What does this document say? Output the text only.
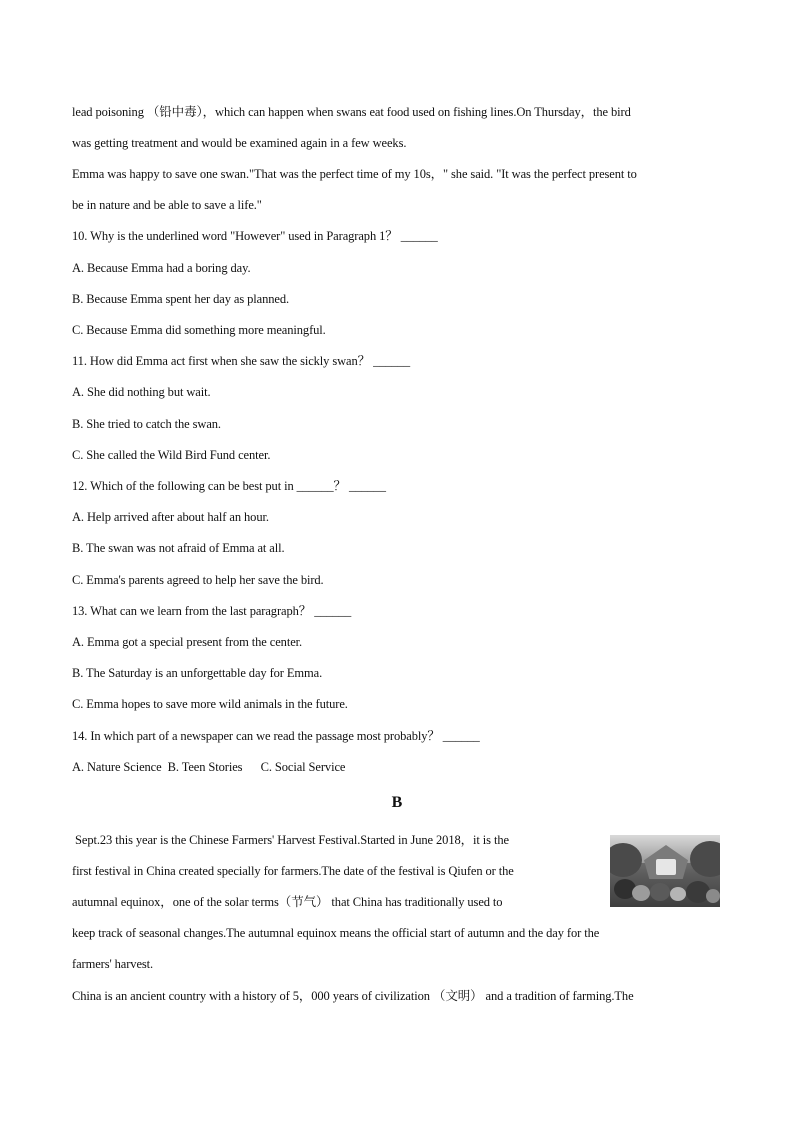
lead poisoning （铅中毒），which can happen when swans eat food used on fishing lines.On Thursday，the bird
was getting treatment and would be examined again in a few weeks.
Emma was happy to save one swan."That was the perfect time of my 10s，" she said. "It was the perfect present to
be in nature and be able to save a life."
10. Why is the underlined word "However" used in Paragraph 1？ ______
A. Because Emma had a boring day.
B. Because Emma spent her day as planned.
C. Because Emma did something more meaningful.
11. How did Emma act first when she saw the sickly swan？ ______
A. She did nothing but wait.
B. She tried to catch the swan.
C. She called the Wild Bird Fund center.
12. Which of the following can be best put in ______？ ______
A. Help arrived after about half an hour.
B. The swan was not afraid of Emma at all.
C. Emma's parents agreed to help her save the bird.
13. What can we learn from the last paragraph？ ______
A. Emma got a special present from the center.
B. The Saturday is an unforgettable day for Emma.
C. Emma hopes to save more wild animals in the future.
14. In which part of a newspaper can we read the passage most probably？ ______
A. Nature Science  B. Teen Stories      C. Social Service
B
Sept.23 this year is the Chinese Farmers' Harvest Festival.Started in June 2018，it is the
first festival in China created specially for farmers.The date of the festival is Qiufen or the
autumnal equinox，one of the solar terms（节气） that China has traditionally used to
keep track of seasonal changes.The autumnal equinox means the official start of autumn and the day for the
farmers' harvest.
China is an ancient country with a history of 5，000 years of civilization （文明） and a tradition of farming.The
